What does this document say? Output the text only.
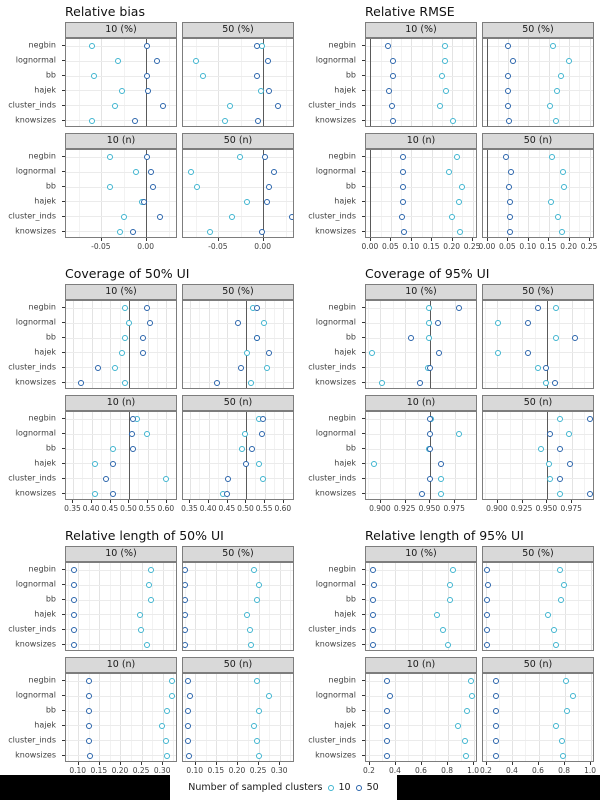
Relative bias
10 (%)
negbin
lognormal
bb
hajek
cluster_inds
knowsizes
50 (%)
10 (n)
negbin
lognormal
bb
hajek
cluster_inds
knowsizes
-0.05	0.00
50 (n)
-0.05	0.00
Relative RMSE
10 (%)
negbin
lognormal
bb
hajek
cluster_inds
knowsizes
50 (%)
10 (n)
negbin
lognormal
bb
hajek
cluster_inds
knowsizes
0.00 0.05 0.10 0.15 0.20 0.25
50 (n)
0.00 0.05 0.10 0.15 0.20 0.25
Coverage of 50% UI
10 (%)
negbin
lognormal
bb
hajek
cluster_inds
knowsizes
50 (%)
10 (n)
negbin
lognormal
bb
hajek
cluster_inds
knowsizes
0.35 0.40 0.45 0.50 0.55 0.60
50 (n)
0.35 0.40 0.45 0.50 0.55 0.60
Coverage of 95% UI
10 (%)
negbin
lognormal
bb
hajek
cluster_inds
knowsizes
50 (%)
10 (n)
negbin
lognormal
bb
hajek
cluster_inds
knowsizes
0.900 0.925 0.950 0.975
50 (n)
0.900 0.925 0.950 0.975
Relative length of 50% UI
10 (%)
negbin
lognormal
bb
hajek
cluster_inds
knowsizes
50 (%)
10 (n)
negbin
lognormal
bb
hajek
cluster_inds
knowsizes
0.10 0.15 0.20 0.25 0.30
50 (n)
0.10 0.15 0.20 0.25 0.30
Relative length of 95% UI
10 (%)
negbin
lognormal
bb
hajek
cluster_inds
knowsizes
50 (%)
10 (n)
negbin
lognormal
bb
hajek
cluster_inds
knowsizes
0.2 0.4 0.6 0.8 1.0
50 (n)
0.2 0.4 0.6 0.8 1.0
Number of sampled clusters 10 50
